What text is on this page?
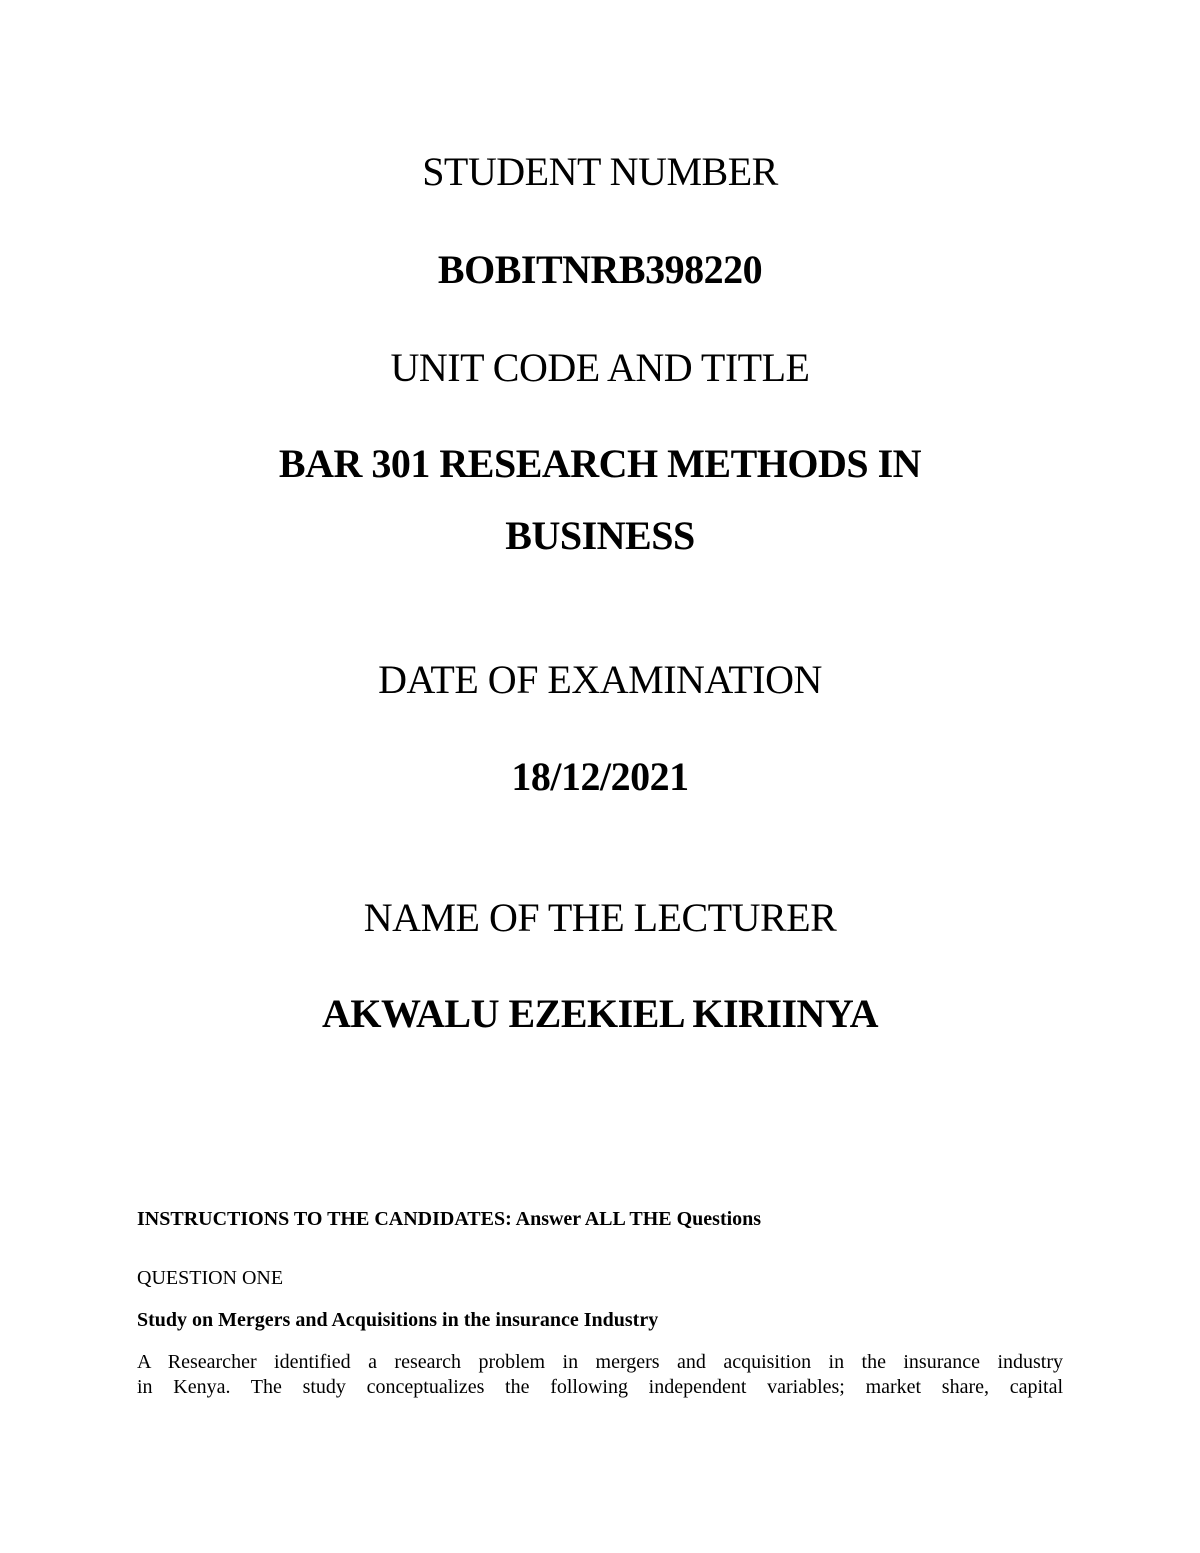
STUDENT NUMBER
BOBITNRB398220
UNIT CODE AND TITLE
BAR 301 RESEARCH METHODS IN
BUSINESS
DATE OF EXAMINATION
18/12/2021
NAME OF THE LECTURER
AKWALU EZEKIEL KIRIINYA
INSTRUCTIONS TO THE CANDIDATES: Answer ALL THE Questions
QUESTION ONE
Study on Mergers and Acquisitions in the insurance Industry
A Researcher identified a research problem in mergers and acquisition in the insurance industry
in Kenya. The study conceptualizes the following independent variables; market share, capital
